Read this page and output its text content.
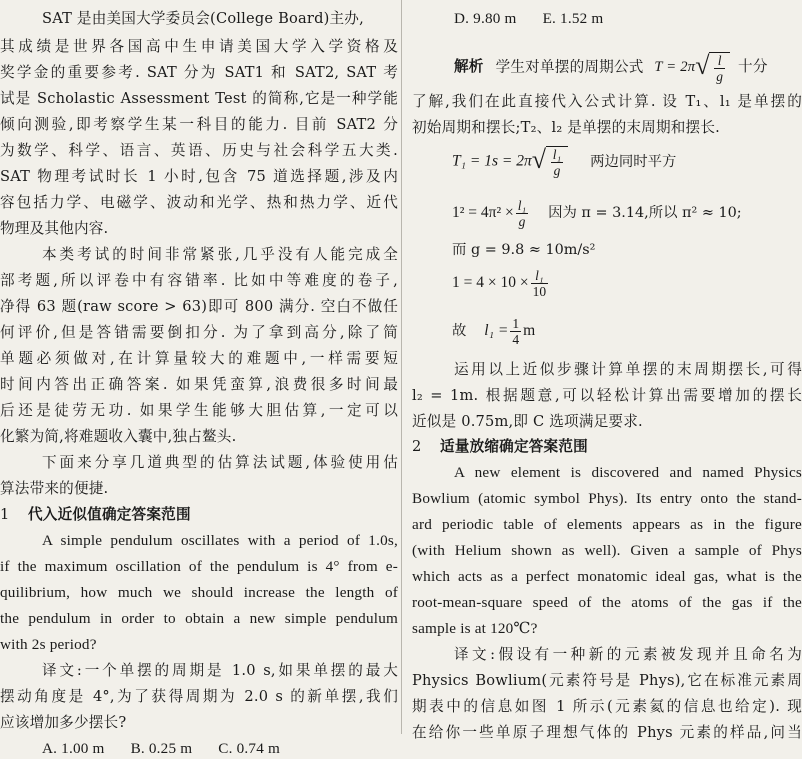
SAT 是由美国大学委员会(College Board)主办,
其成绩是世界各国高中生申请美国大学入学资格及
奖学金的重要参考. SAT 分为 SAT1 和 SAT2, SAT 考
试是 Scholastic Assessment Test 的简称,它是一种学能
倾向测验,即考察学生某一科目的能力. 目前 SAT2 分
为数学、科学、语言、英语、历史与社会科学五大类.
SAT 物理考试时长 1 小时,包含 75 道选择题,涉及内
容包括力学、电磁学、波动和光学、热和热力学、近代
物理及其他内容.
本类考试的时间非常紧张,几乎没有人能完成全
部考题,所以评卷中有容错率. 比如中等难度的卷子,
净得 63 题(raw score > 63)即可 800 满分. 空白不做任
何评价,但是答错需要倒扣分. 为了拿到高分,除了简
单题必须做对,在计算量较大的难题中,一样需要短
时间内答出正确答案. 如果凭蛮算,浪费很多时间最
后还是徒劳无功. 如果学生能够大胆估算,一定可以
化繁为简,将难题收入囊中,独占鳌头.
下面来分享几道典型的估算法试题,体验使用估
算法带来的便捷.
1 代入近似值确定答案范围
A simple pendulum oscillates with a period of 1.0s,
if the maximum oscillation of the pendulum is 4° from e-
quilibrium, how much we should increase the length of
the pendulum in order to obtain a new simple pendulum
with 2s period?
译文:一个单摆的周期是 1.0 s,如果单摆的最大
摆动角度是 4°,为了获得周期为 2.0 s 的新单摆,我们
应该增加多少摆长?
A. 1.00 m B. 0.25 m C. 0.74 m
D. 9.80 m E. 1.52 m
解析 学生对单摆的周期公式 T = 2π √ $\frac{l}{g}$ 十分
了解,我们在此直接代入公式计算. 设 T₁、l₁ 是单摆的
初始周期和摆长;T₂、l₂ 是单摆的末周期和摆长.
T₁ = 1s = 2π √ $\frac{\text{l₁}}{g}$ 两边同时平方
$1^2 = 4\pi^2 \times \frac{\text{l₁}}{g}$ 因为 π = 3.14,所以 π² ≈ 10;
而 g = 9.8 ≈ 10m/s²
$1 = 4 \times 10 \times \frac{\text{l₁}}{10}$
故 $l_1 = \frac{1}{4}$ m
运用以上近似步骤计算单摆的末周期摆长,可得
l₂ = 1m. 根据题意,可以轻松计算出需要增加的摆长
近似是 0.75m,即 C 选项满足要求.
2 适量放缩确定答案范围
A new element is discovered and named Physics
Bowlium (atomic symbol Phys). Its entry onto the stand-
ard periodic table of elements appears as in the figure
(with Helium shown as well). Given a sample of Phys
which acts as a perfect monatomic ideal gas, what is the
root-mean-square speed of the atoms of the gas if the
sample is at 120℃?
译文:假设有一种新的元素被发现并且命名为
Physics Bowlium(元素符号是 Phys),它在标准元素周
期表中的信息如图 1 所示(元素氦的信息也给定). 现
在给你一些单原子理想气体的 Phys 元素的样品,问当
